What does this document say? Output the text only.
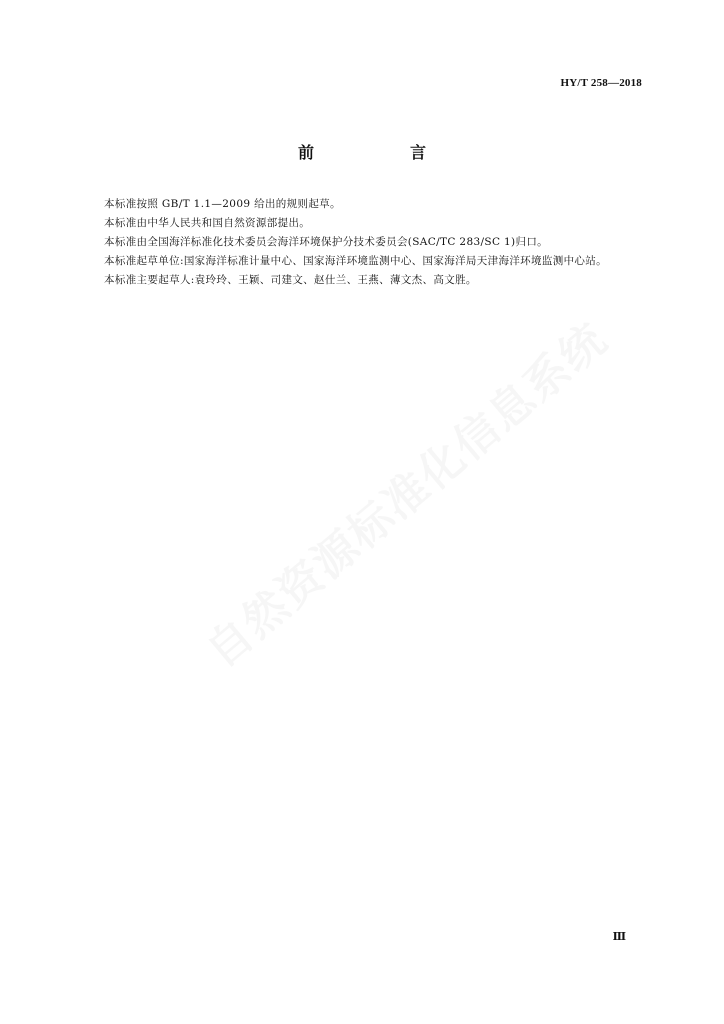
HY/T 258—2018
前　言

本标准按照 GB/T 1.1—2009 给出的规则起草。

本标准由中华人民共和国自然资源部提出。

本标准由全国海洋标准化技术委员会海洋环境保护分技术委员会(SAC/TC 283/SC 1)归口。

本标准起草单位:国家海洋标准计量中心、国家海洋环境监测中心、国家海洋局天津海洋环境监测中心站。

本标准主要起草人:袁玲玲、王颖、司建文、赵仕兰、王燕、薄文杰、高文胜。

Ⅲ
